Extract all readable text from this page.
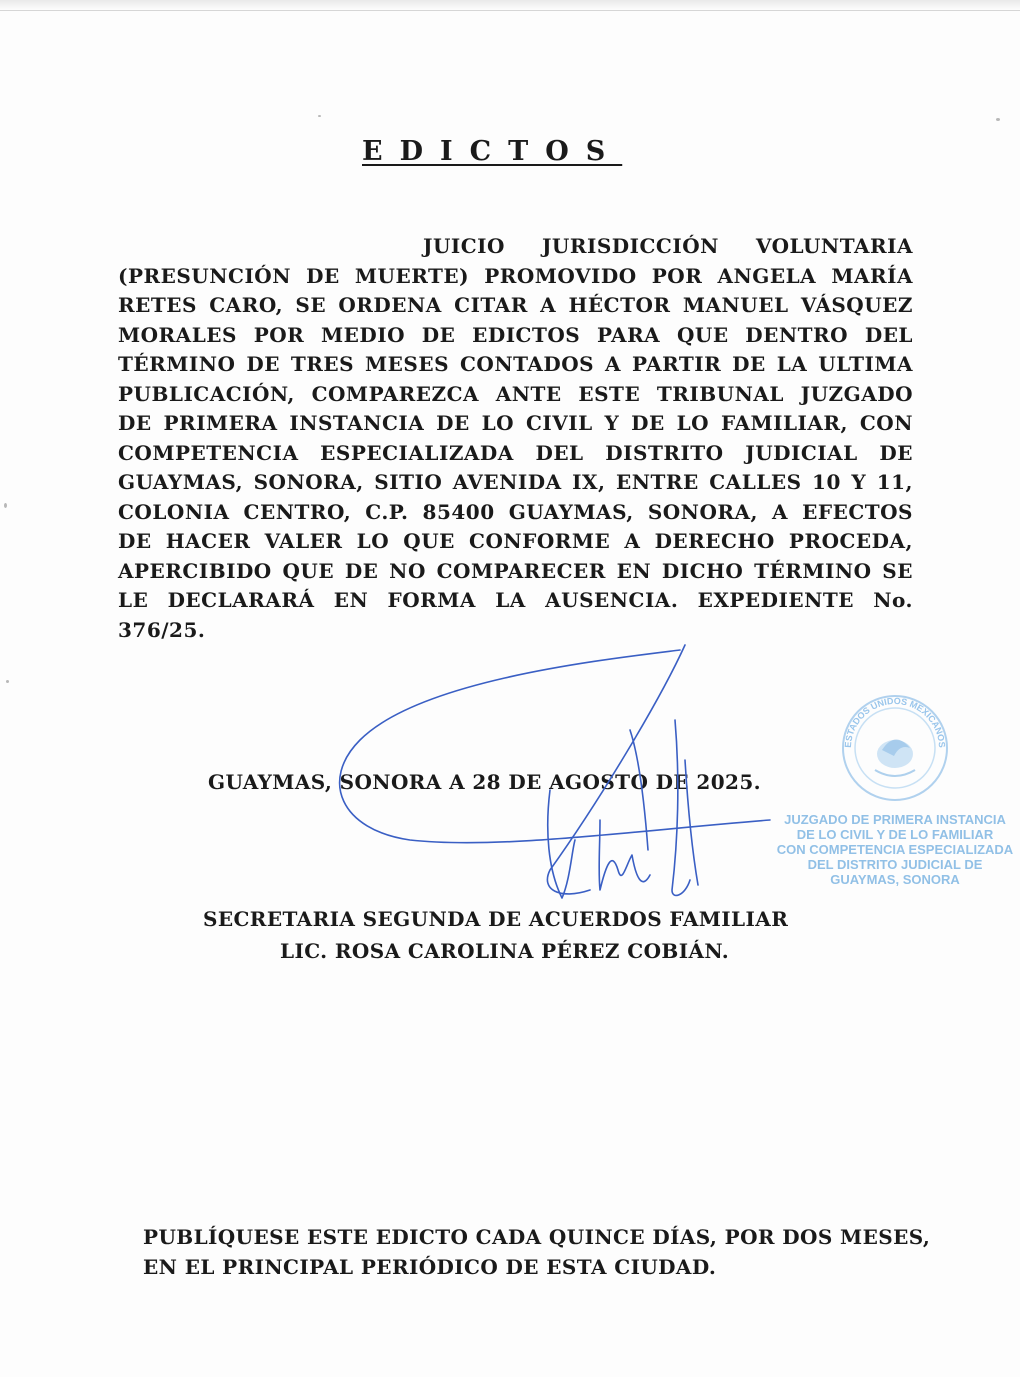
EDICTOS

JUICIO JURISDICCIÓN VOLUNTARIA (PRESUNCIÓN DE MUERTE) PROMOVIDO POR ANGELA MARÍA RETES CARO, SE ORDENA CITAR A HÉCTOR MANUEL VÁSQUEZ MORALES POR MEDIO DE EDICTOS PARA QUE DENTRO DEL TÉRMINO DE TRES MESES CONTADOS A PARTIR DE LA ULTIMA PUBLICACIÓN, COMPAREZCA ANTE ESTE TRIBUNAL JUZGADO DE PRIMERA INSTANCIA DE LO CIVIL Y DE LO FAMILIAR, CON COMPETENCIA ESPECIALIZADA DEL DISTRITO JUDICIAL DE GUAYMAS, SONORA, SITIO AVENIDA IX, ENTRE CALLES 10 Y 11, COLONIA CENTRO, C.P. 85400 GUAYMAS, SONORA, A EFECTOS DE HACER VALER LO QUE CONFORME A DERECHO PROCEDA, APERCIBIDO QUE DE NO COMPARECER EN DICHO TÉRMINO SE LE DECLARARÁ EN FORMA LA AUSENCIA. EXPEDIENTE No. 376/25.

GUAYMAS, SONORA A 28 DE AGOSTO DE 2025.
ESTADOS UNIDOS MEXICANOS
JUZGADO DE PRIMERA INSTANCIA
DE LO CIVIL Y DE LO FAMILIAR
CON COMPETENCIA ESPECIALIZADA
DEL DISTRITO JUDICIAL DE
GUAYMAS, SONORA
SECRETARIA SEGUNDA DE ACUERDOS FAMILIAR
LIC. ROSA CAROLINA PÉREZ COBIÁN.

PUBLÍQUESE ESTE EDICTO CADA QUINCE DÍAS, POR DOS MESES, EN EL PRINCIPAL PERIÓDICO DE ESTA CIUDAD.
